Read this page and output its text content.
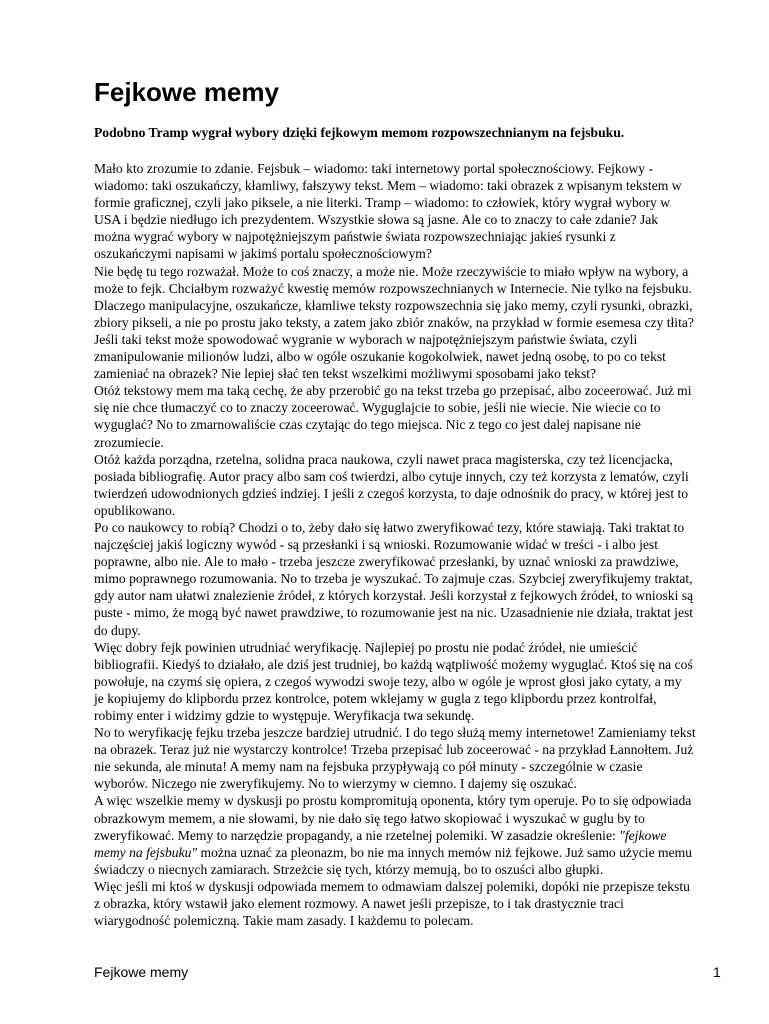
Fejkowe memy

Podobno Tramp wygrał wybory dzięki fejkowym memom rozpowszechnianym na fejsbuku.

Mało kto zrozumie to zdanie. Fejsbuk – wiadomo: taki internetowy portal społecznościowy. Fejkowy -
wiadomo: taki oszukańczy, kłamliwy, fałszywy tekst. Mem – wiadomo: taki obrazek z wpisanym tekstem w
formie graficznej, czyli jako piksele, a nie literki. Tramp – wiadomo: to człowiek, który wygrał wybory w
USA i będzie niedługo ich prezydentem. Wszystkie słowa są jasne. Ale co to znaczy to całe zdanie? Jak
można wygrać wybory w najpotężniejszym państwie świata rozpowszechniając jakieś rysunki z
oszukańczymi napisami w jakimś portalu społecznościowym?
Nie będę tu tego rozważał. Może to coś znaczy, a może nie. Może rzeczywiście to miało wpływ na wybory, a
może to fejk. Chciałbym rozważyć kwestię memów rozpowszechnianych w Internecie. Nie tylko na fejsbuku.
Dlaczego manipulacyjne, oszukańcze, kłamliwe teksty rozpowszechnia się jako memy, czyli rysunki, obrazki,
zbiory pikseli, a nie po prostu jako teksty, a zatem jako zbiór znaków, na przykład w formie esemesa czy tłita?
Jeśli taki tekst może spowodować wygranie w wyborach w najpotężniejszym państwie świata, czyli
zmanipulowanie milionów ludzi, albo w ogóle oszukanie kogokolwiek, nawet jedną osobę, to po co tekst
zamieniać na obrazek? Nie lepiej słać ten tekst wszelkimi możliwymi sposobami jako tekst?
Otóż tekstowy mem ma taką cechę, że aby przerobić go na tekst trzeba go przepisać, albo zoceerować. Już mi
się nie chce tłumaczyć co to znaczy zoceerować. Wyguglajcie to sobie, jeśli nie wiecie. Nie wiecie co to
wyguglać? No to zmarnowaliście czas czytając do tego miejsca. Nic z tego co jest dalej napisane nie
zrozumiecie.
Otóż każda porządna, rzetelna, solidna praca naukowa, czyli nawet praca magisterska, czy też licencjacka,
posiada bibliografię. Autor pracy albo sam coś twierdzi, albo cytuje innych, czy też korzysta z lematów, czyli
twierdzeń udowodnionych gdzieś indziej. I jeśli z czegoś korzysta, to daje odnośnik do pracy, w której jest to
opublikowano.
Po co naukowcy to robią? Chodzi o to, żeby dało się łatwo zweryfikować tezy, które stawiają. Taki traktat to
najczęściej jakiś logiczny wywód - są przesłanki i są wnioski. Rozumowanie widać w treści - i albo jest
poprawne, albo nie. Ale to mało - trzeba jeszcze zweryfikować przesłanki, by uznać wnioski za prawdziwe,
mimo poprawnego rozumowania. No to trzeba je wyszukać. To zajmuje czas. Szybciej zweryfikujemy traktat,
gdy autor nam ułatwi znalezienie źródeł, z których korzystał. Jeśli korzystał z fejkowych źródeł, to wnioski są
puste - mimo, że mogą być nawet prawdziwe, to rozumowanie jest na nic. Uzasadnienie nie działa, traktat jest
do dupy.
Więc dobry fejk powinien utrudniać weryfikację. Najlepiej po prostu nie podać źródeł, nie umieścić
bibliografii. Kiedyś to działało, ale dziś jest trudniej, bo każdą wątpliwość możemy wyguglać. Ktoś się na coś
powołuje, na czymś się opiera, z czegoś wywodzi swoje tezy, albo w ogóle je wprost głosi jako cytaty, a my
je kopiujemy do klipbordu przez kontrolce, potem wklejamy w gugla z tego klipbordu przez kontrolfał,
robimy enter i widzimy gdzie to występuje. Weryfikacja twa sekundę.
No to weryfikację fejku trzeba jeszcze bardziej utrudnić. I do tego służą memy internetowe! Zamieniamy tekst
na obrazek. Teraz już nie wystarczy kontrolce! Trzeba przepisać lub zoceerować - na przykład Łannołtem. Już
nie sekunda, ale minuta! A memy nam na fejsbuka przypływają co pół minuty - szczególnie w czasie
wyborów. Niczego nie zweryfikujemy. No to wierzymy w ciemno. I dajemy się oszukać.
A więc wszelkie memy w dyskusji po prostu kompromitują oponenta, który tym operuje. Po to się odpowiada
obrazkowym memem, a nie słowami, by nie dało się tego łatwo skopiować i wyszukać w guglu by to
zweryfikować. Memy to narzędzie propagandy, a nie rzetelnej polemiki. W zasadzie określenie: "fejkowe
memy na fejsbuku" można uznać za pleonazm, bo nie ma innych memów niż fejkowe. Już samo użycie memu
świadczy o niecnych zamiarach. Strzeżcie się tych, którzy memują, bo to oszuści albo głupki.
Więc jeśli mi ktoś w dyskusji odpowiada memem to odmawiam dalszej polemiki, dopóki nie przepisze tekstu
z obrazka, który wstawił jako element rozmowy. A nawet jeśli przepisze, to i tak drastycznie traci
wiarygodność polemiczną. Takie mam zasady. I każdemu to polecam.
Fejkowe memy	1
